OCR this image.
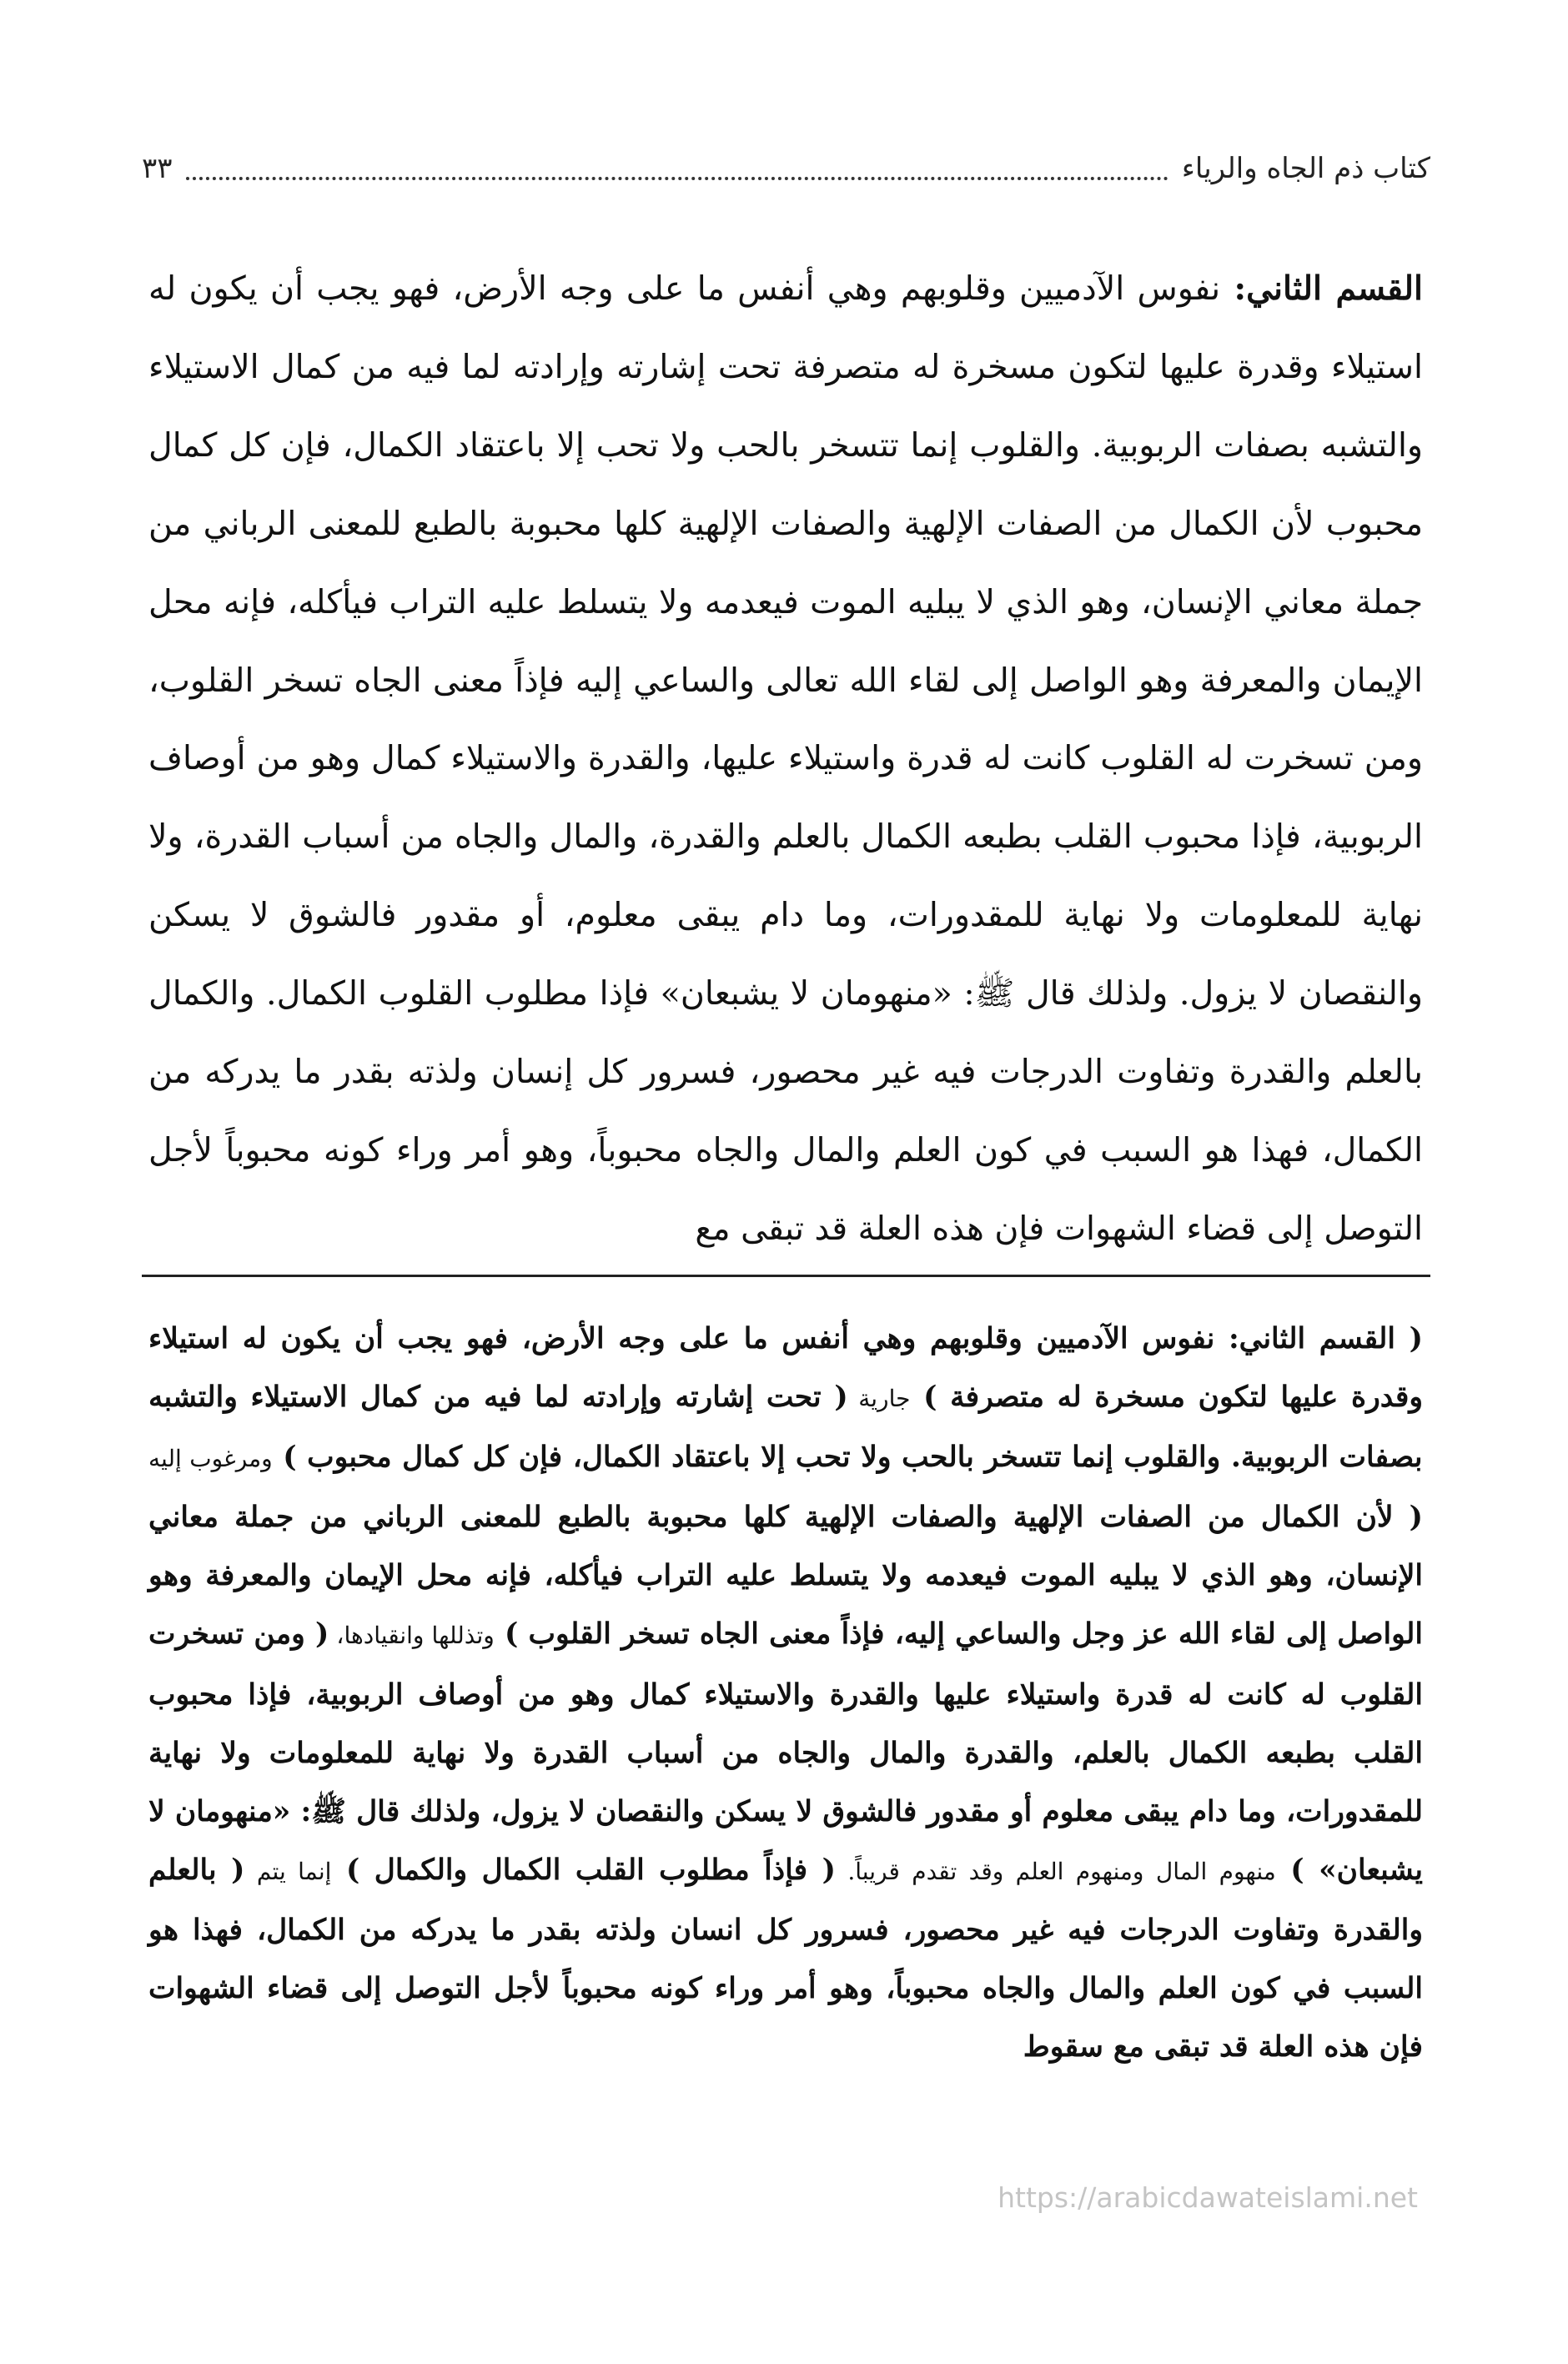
كتاب ذم الجاه والرياء
٣٣
القسم الثاني: نفوس الآدميين وقلوبهم وهي أنفس ما على وجه الأرض، فهو يجب أن يكون له استيلاء وقدرة عليها لتكون مسخرة له متصرفة تحت إشارته وإرادته لما فيه من كمال الاستيلاء والتشبه بصفات الربوبية. والقلوب إنما تتسخر بالحب ولا تحب إلا باعتقاد الكمال، فإن كل كمال محبوب لأن الكمال من الصفات الإلهية والصفات الإلهية كلها محبوبة بالطبع للمعنى الرباني من جملة معاني الإنسان، وهو الذي لا يبليه الموت فيعدمه ولا يتسلط عليه التراب فيأكله، فإنه محل الإيمان والمعرفة وهو الواصل إلى لقاء الله تعالى والساعي إليه فإذاً معنى الجاه تسخر القلوب، ومن تسخرت له القلوب كانت له قدرة واستيلاء عليها، والقدرة والاستيلاء كمال وهو من أوصاف الربوبية، فإذا محبوب القلب بطبعه الكمال بالعلم والقدرة، والمال والجاه من أسباب القدرة، ولا نهاية للمعلومات ولا نهاية للمقدورات، وما دام يبقى معلوم، أو مقدور فالشوق لا يسكن والنقصان لا يزول. ولذلك قال ﷺ: «منهومان لا يشبعان» فإذا مطلوب القلوب الكمال. والكمال بالعلم والقدرة وتفاوت الدرجات فيه غير محصور، فسرور كل إنسان ولذته بقدر ما يدركه من الكمال، فهذا هو السبب في كون العلم والمال والجاه محبوباً، وهو أمر وراء كونه محبوباً لأجل التوصل إلى قضاء الشهوات فإن هذه العلة قد تبقى مع
( القسم الثاني: نفوس الآدميين وقلوبهم وهي أنفس ما على وجه الأرض، فهو يجب أن يكون له استيلاء وقدرة عليها لتكون مسخرة له متصرفة ) جارية ( تحت إشارته وإرادته لما فيه من كمال الاستيلاء والتشبه بصفات الربوبية. والقلوب إنما تتسخر بالحب ولا تحب إلا باعتقاد الكمال، فإن كل كمال محبوب ) ومرغوب إليه ( لأن الكمال من الصفات الإلهية والصفات الإلهية كلها محبوبة بالطبع للمعنى الرباني من جملة معاني الإنسان، وهو الذي لا يبليه الموت فيعدمه ولا يتسلط عليه التراب فيأكله، فإنه محل الإيمان والمعرفة وهو الواصل إلى لقاء الله عز وجل والساعي إليه، فإذاً معنى الجاه تسخر القلوب ) وتذللها وانقيادها، ( ومن تسخرت القلوب له كانت له قدرة واستيلاء عليها والقدرة والاستيلاء كمال وهو من أوصاف الربوبية، فإذا محبوب القلب بطبعه الكمال بالعلم، والقدرة والمال والجاه من أسباب القدرة ولا نهاية للمعلومات ولا نهاية للمقدورات، وما دام يبقى معلوم أو مقدور فالشوق لا يسكن والنقصان لا يزول، ولذلك قال ﷺ: «منهومان لا يشبعان» ) منهوم المال ومنهوم العلم وقد تقدم قريباً. ( فإذاً مطلوب القلب الكمال والكمال ) إنما يتم ( بالعلم والقدرة وتفاوت الدرجات فيه غير محصور، فسرور كل انسان ولذته بقدر ما يدركه من الكمال، فهذا هو السبب في كون العلم والمال والجاه محبوباً، وهو أمر وراء كونه محبوباً لأجل التوصل إلى قضاء الشهوات فإن هذه العلة قد تبقى مع سقوط
https://arabicdawateislami.net
